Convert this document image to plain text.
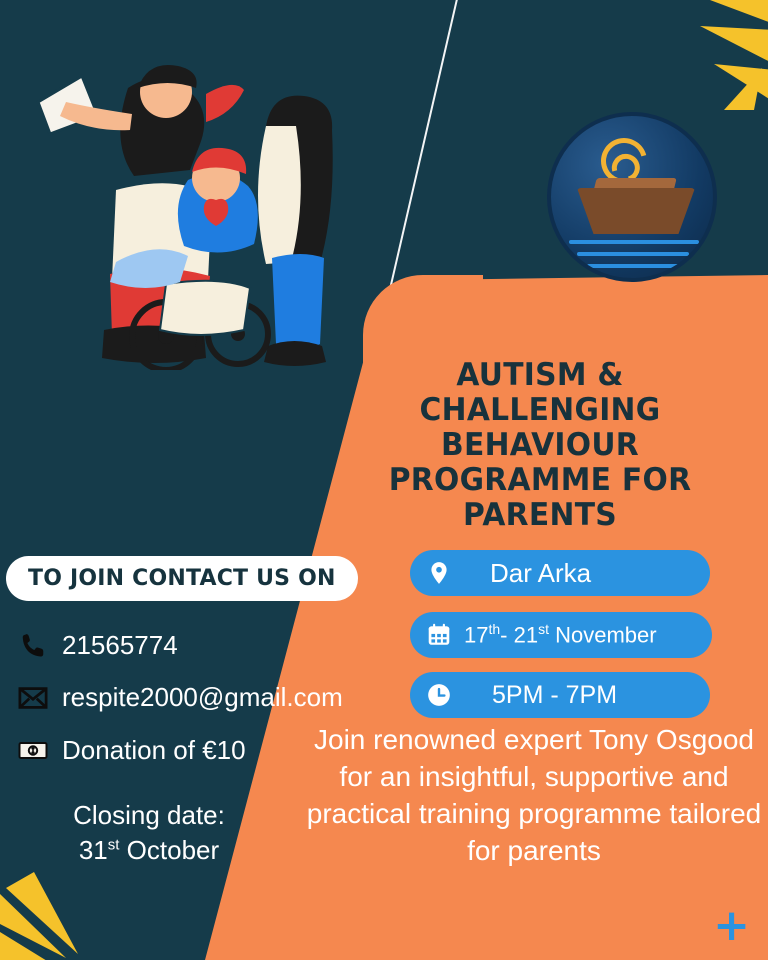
AUTISM & CHALLENGING BEHAVIOUR PROGRAMME FOR PARENTS
Dar Arka
17th- 21st November
5PM - 7PM
Join renowned expert Tony Osgood for an insightful, supportive and practical training programme tailored for parents
TO JOIN CONTACT US ON
21565774
respite2000@gmail.com
Donation of €10
Closing date:
31st October
+
